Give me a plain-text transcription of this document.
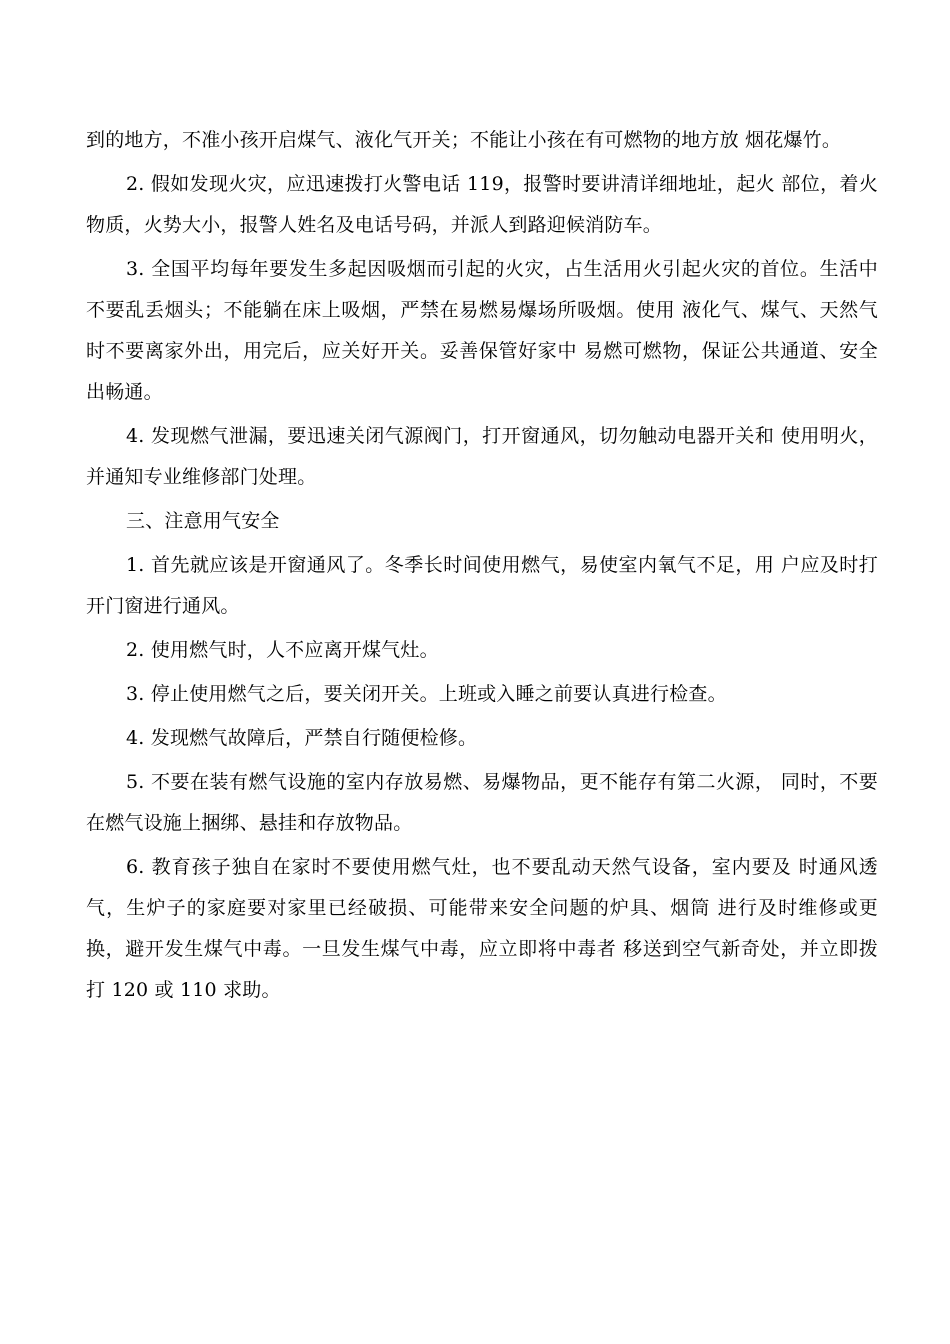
到的地方，不准小孩开启煤气、液化气开关；不能让小孩在有可燃物的地方放 烟花爆竹。

2. 假如发现火灾，应迅速拨打火警电话 119，报警时要讲清详细地址，起火 部位，着火物质，火势大小，报警人姓名及电话号码，并派人到路迎候消防车。

3. 全国平均每年要发生多起因吸烟而引起的火灾，占生活用火引起火灾的首位。生活中不要乱丢烟头；不能躺在床上吸烟，严禁在易燃易爆场所吸烟。使用 液化气、煤气、天然气时不要离家外出，用完后，应关好开关。妥善保管好家中 易燃可燃物，保证公共通道、安全出畅通。

4. 发现燃气泄漏，要迅速关闭气源阀门，打开窗通风，切勿触动电器开关和 使用明火，并通知专业维修部门处理。

三、注意用气安全

1. 首先就应该是开窗通风了。冬季长时间使用燃气，易使室内氧气不足，用 户应及时打开门窗进行通风。

2. 使用燃气时，人不应离开煤气灶。

3. 停止使用燃气之后，要关闭开关。上班或入睡之前要认真进行检查。

4. 发现燃气故障后，严禁自行随便检修。

5. 不要在装有燃气设施的室内存放易燃、易爆物品，更不能存有第二火源， 同时，不要在燃气设施上捆绑、悬挂和存放物品。

6. 教育孩子独自在家时不要使用燃气灶，也不要乱动天然气设备，室内要及 时通风透气，生炉子的家庭要对家里已经破损、可能带来安全问题的炉具、烟筒 进行及时维修或更换，避开发生煤气中毒。一旦发生煤气中毒，应立即将中毒者 移送到空气新奇处，并立即拨打 120 或 110 求助。
